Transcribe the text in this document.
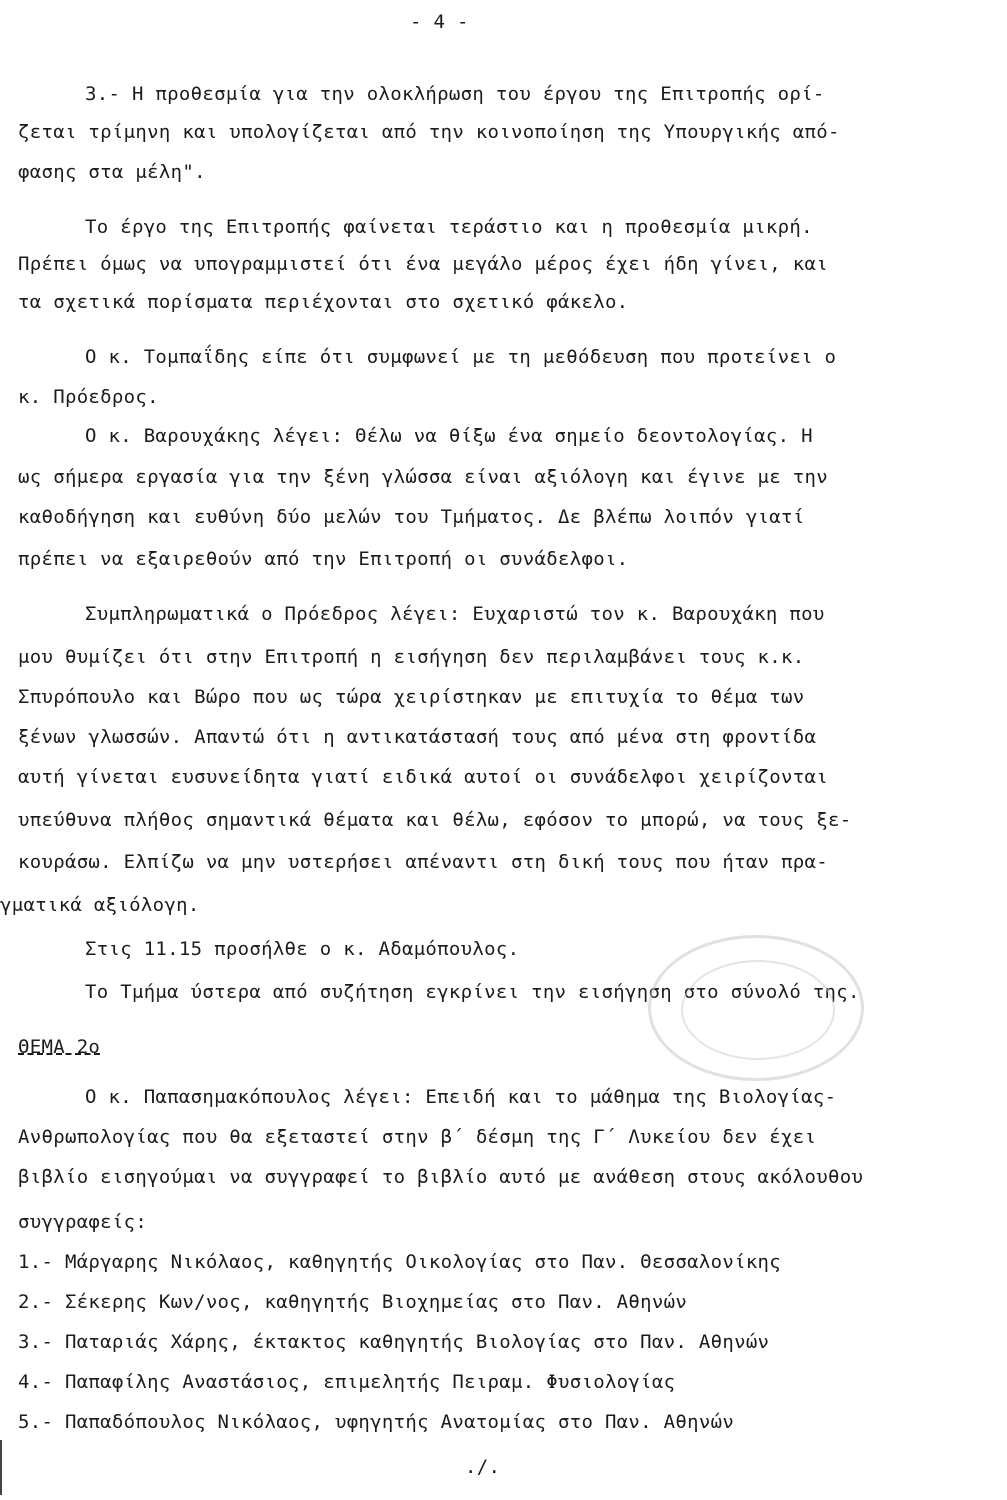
- 4 -
3.- Η προθεσμία για την ολοκλήρωση του έργου της Επιτροπής ορί-
ζεται τρίμηνη και υπολογίζεται από την κοινοποίηση της Υπουργικής από-
φασης στα μέλη".
Το έργο της Επιτροπής φαίνεται τεράστιο και η προθεσμία μικρή.
Πρέπει όμως να υπογραμμιστεί ότι ένα μεγάλο μέρος έχει ήδη γίνει, και
τα σχετικά πορίσματα περιέχονται στο σχετικό φάκελο.
Ο κ. Τομπαΐδης είπε ότι συμφωνεί με τη μεθόδευση που προτείνει ο
κ. Πρόεδρος.
Ο κ. Βαρουχάκης λέγει: Θέλω να θίξω ένα σημείο δεοντολογίας. Η
ως σήμερα εργασία για την ξένη γλώσσα είναι αξιόλογη και έγινε με την
καθοδήγηση και ευθύνη δύο μελών του Τμήματος. Δε βλέπω λοιπόν γιατί
πρέπει να εξαιρεθούν από την Επιτροπή οι συνάδελφοι.
Συμπληρωματικά ο Πρόεδρος λέγει: Ευχαριστώ τον κ. Βαρουχάκη που
μου θυμίζει ότι στην Επιτροπή η εισήγηση δεν περιλαμβάνει τους κ.κ.
Σπυρόπουλο και Βώρο που ως τώρα χειρίστηκαν με επιτυχία το θέμα των
ξένων γλωσσών. Απαντώ ότι η αντικατάστασή τους από μένα στη φροντίδα
αυτή γίνεται ευσυνείδητα γιατί ειδικά αυτοί οι συνάδελφοι χειρίζονται
υπεύθυνα πλήθος σημαντικά θέματα και θέλω, εφόσον το μπορώ, να τους ξε-
κουράσω. Ελπίζω να μην υστερήσει απέναντι στη δική τους που ήταν πρα-
γματικά αξιόλογη.
Στις 11.15 προσήλθε ο κ. Αδαμόπουλος.
Το Τμήμα ύστερα από συζήτηση εγκρίνει την εισήγηση στο σύνολό της.
ΘΕΜΑ 2ο
Ο κ. Παπασημακόπουλος λέγει: Επειδή και το μάθημα της Βιολογίας-
Ανθρωπολογίας που θα εξεταστεί στην β΄ δέσμη της Γ΄ Λυκείου δεν έχει
βιβλίο εισηγούμαι να συγγραφεί το βιβλίο αυτό με ανάθεση στους ακόλουθου
συγγραφείς:
1.- Μάργαρης Νικόλαος, καθηγητής Οικολογίας στο Παν. Θεσσαλονίκης
2.- Σέκερης Κων/νος, καθηγητής Βιοχημείας στο Παν. Αθηνών
3.- Παταριάς Χάρης, έκτακτος καθηγητής Βιολογίας στο Παν. Αθηνών
4.- Παπαφίλης Αναστάσιος, επιμελητής Πειραμ. Φυσιολογίας
5.- Παπαδόπουλος Νικόλαος, υφηγητής Ανατομίας στο Παν. Αθηνών
./.
